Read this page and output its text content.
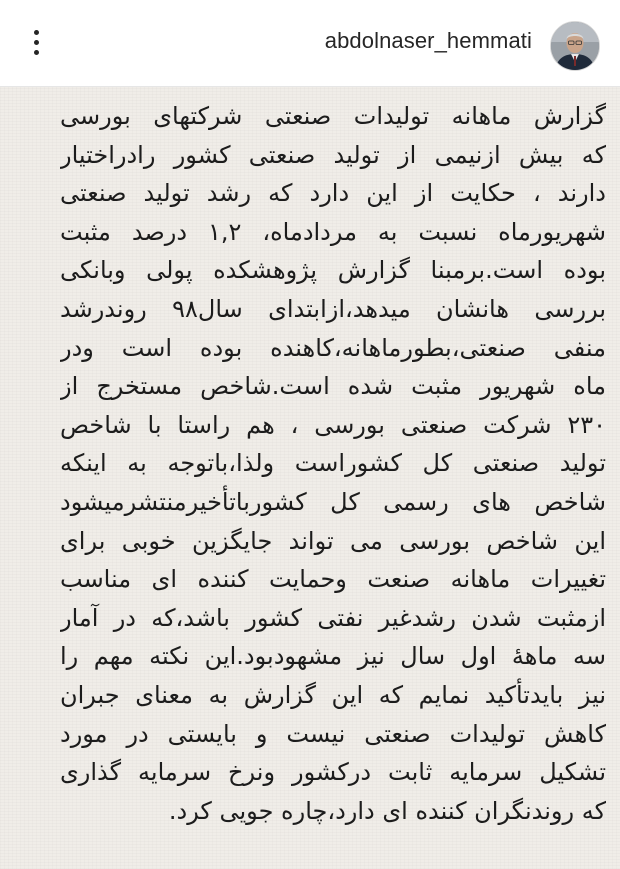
abdolnaser_hemmati
گزارش ماهانه تولیدات صنعتی شرکتهای بورسی
که بیش ازنیمی از تولید صنعتی کشور رادراختیار
دارند ، حکایت از این دارد که رشد تولید صنعتی
شهریورماه نسبت به مردادماه، ۱,۲ درصد مثبت
بوده است.برمبنا گزارش پژوهشکده پولی وبانکی
بررسی هانشان میدهد،ازابتدای سال۹۸ روندرشد
منفی صنعتی،بطورماهانه،کاهنده بوده است ودر
ماه شهریور مثبت شده است.شاخص مستخرج از
۲۳۰ شرکت صنعتی بورسی ، هم راستا با شاخص
تولید صنعتی کل کشوراست ولذا،باتوجه به اینکه
شاخص های رسمی کل کشورباتأخیرمنتشرمیشود
این شاخص بورسی می تواند جایگزین خوبی برای
تغییرات ماهانه صنعت وحمایت کننده ای مناسب
ازمثبت شدن رشدغیر نفتی کشور باشد،که در آمار
سه ماههٔ اول سال نیز مشهودبود.این نکته مهم را
نیز بایدتأکید نمایم که این گزارش به معنای جبران
کاهش تولیدات صنعتی نیست و بایستی در مورد
تشکیل سرمایه ثابت درکشور ونرخ سرمایه گذاری
که روندنگران کننده ای دارد،چاره جویی کرد.
